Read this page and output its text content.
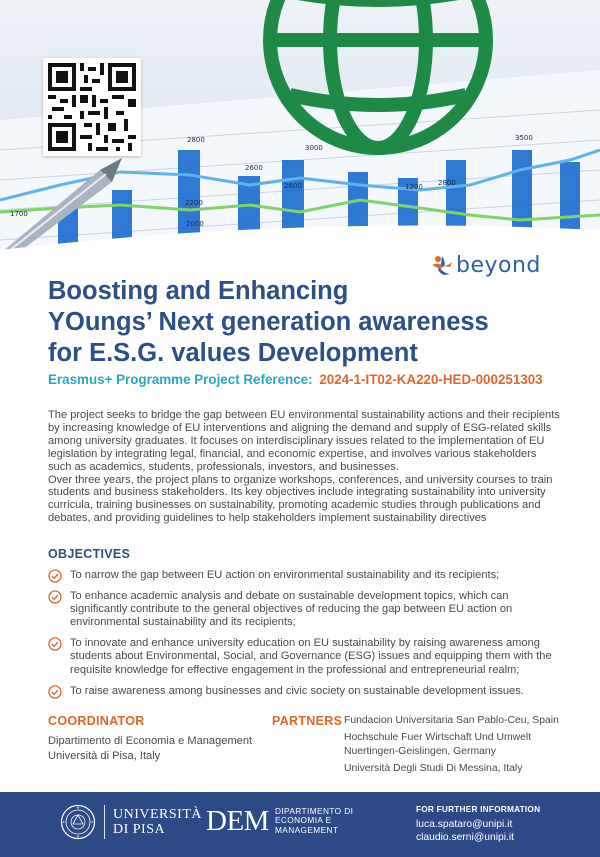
2800
2600
2200
2000
1700
3000
3500
2600	1200 2800
beyond
Boosting and Enhancing
YOungs’ Next generation awareness
for E.S.G. values Development
Erasmus+ Programme Project Reference: 2024-1-IT02-KA220-HED-000251303

The project seeks to bridge the gap between EU environmental sustainability actions and their recipients by increasing knowledge of EU interventions and aligning the demand and supply of ESG-related skills among university graduates. It focuses on interdisciplinary issues related to the implementation of EU legislation by integrating legal, financial, and economic expertise, and involves various stakeholders such as academics, students, professionals, investors, and businesses.

Over three years, the project plans to organize workshops, conferences, and university courses to train students and business stakeholders. Its key objectives include integrating sustainability into university curricula, training businesses on sustainability, promoting academic studies through publications and debates, and providing guidelines to help stakeholders implement sustainability directives

OBJECTIVES
To narrow the gap between EU action on environmental sustainability and its recipients;
To enhance academic analysis and debate on sustainable development topics, which can significantly contribute to the general objectives of reducing the gap between EU action on environmental sustainability and its recipients;
To innovate and enhance university education on EU sustainability by raising awareness among students about Environmental, Social, and Governance (ESG) issues and equipping them with the requisite knowledge for effective engagement in the professional and entrepreneurial realm;
To raise awareness among businesses and civic society on sustainable development issues.
COORDINATOR
Dipartimento di Economia e Management
Università di Pisa, Italy
PARTNERS Fundacion Universitaria San Pablo-Ceu, Spain
Hochschule Fuer Wirtschaft Und Umwelt Nuertingen-Geislingen, Germany
Università Degli Studi Di Messina, Italy
UNIVERSITÀ
DI PISA	DEM DIPARTIMENTO DI
ECONOMIA E
MANAGEMENT
FOR FURTHER INFORMATION
luca.spataro@unipi.it
claudio.serni@unipi.it
